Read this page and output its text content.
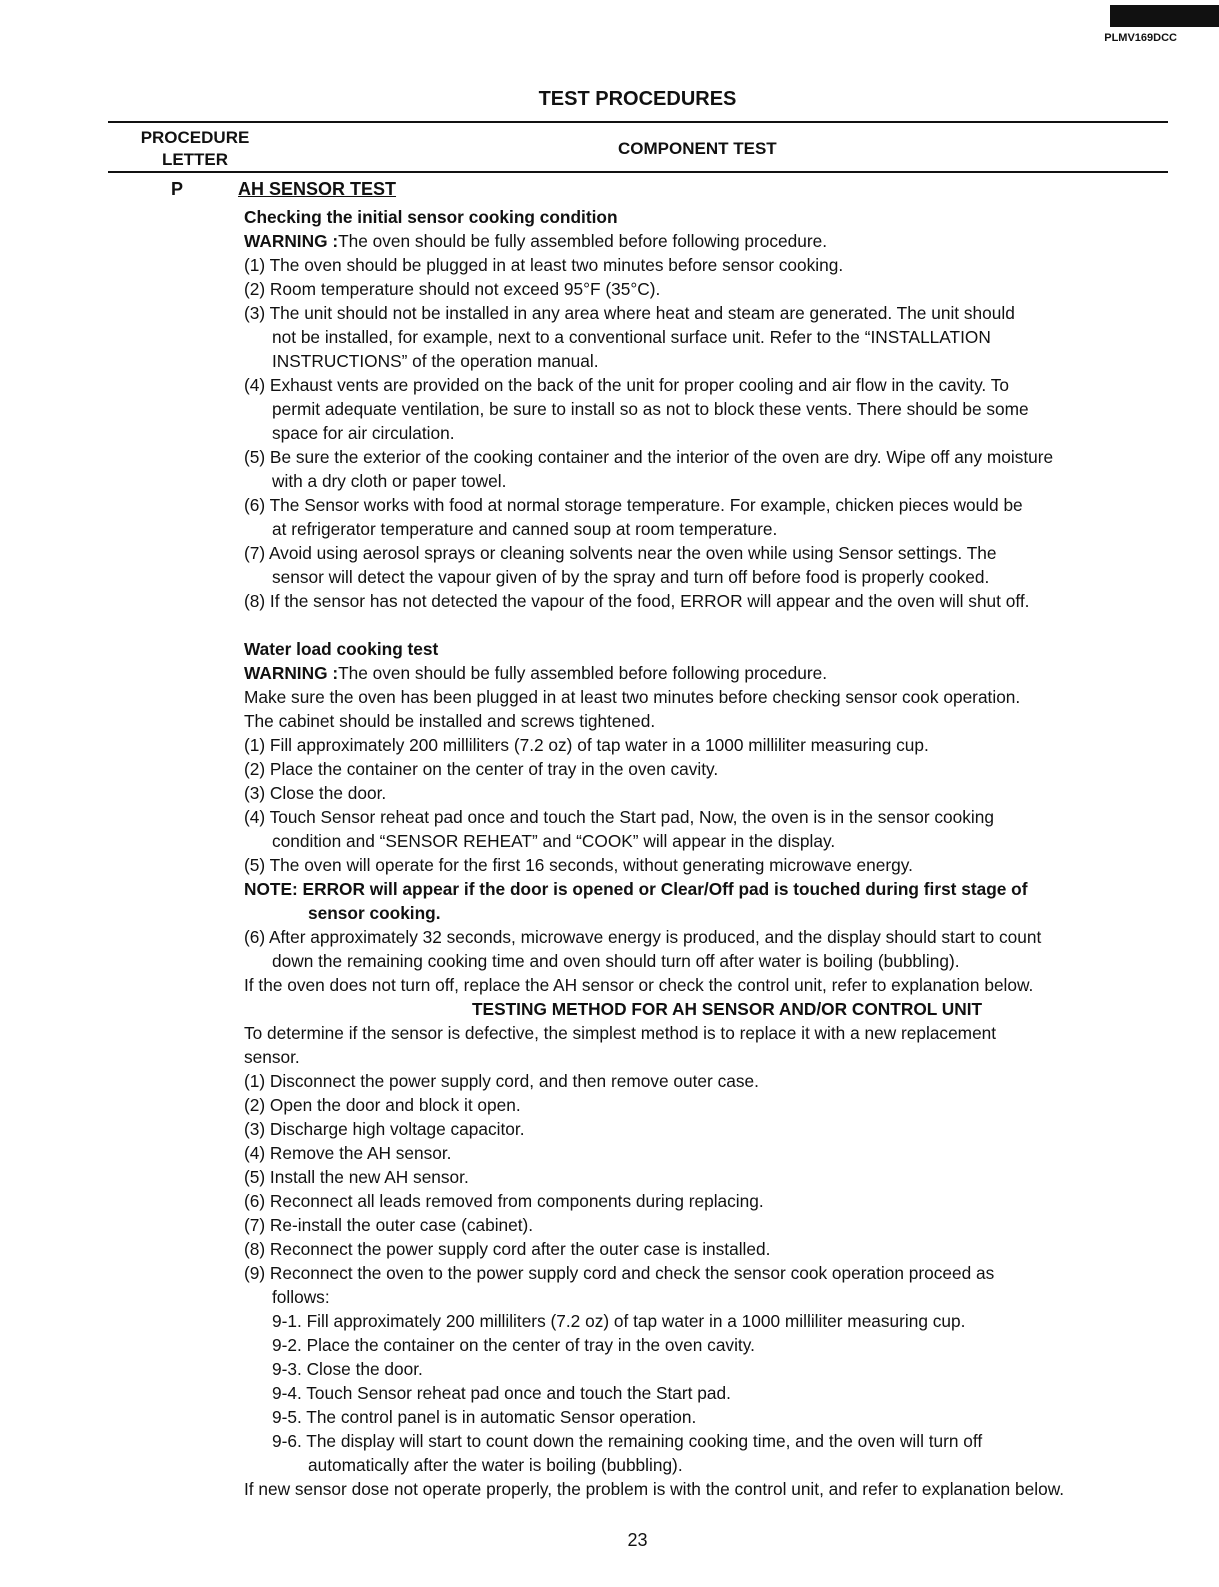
PLMV169DCC
TEST PROCEDURES
PROCEDURE
LETTER
COMPONENT TEST
P	AH SENSOR TEST
Checking the initial sensor cooking condition
WARNING :The oven should be fully assembled before following procedure.
(1) The oven should be plugged in at least two minutes before sensor cooking.
(2) Room temperature should not exceed 95°F (35°C).
(3) The unit should not be installed in any area where heat and steam are generated. The unit should
not be installed, for example, next to a conventional surface unit. Refer to the “INSTALLATION
INSTRUCTIONS” of the operation manual.
(4) Exhaust vents are provided on the back of the unit for proper cooling and air flow in the cavity. To
permit adequate ventilation, be sure to install so as not to block these vents. There should be some
space for air circulation.
(5) Be sure the exterior of the cooking container and the interior of the oven are dry. Wipe off any moisture
with a dry cloth or paper towel.
(6) The Sensor works with food at normal storage temperature. For example, chicken pieces would be
at refrigerator temperature and canned soup at room temperature.
(7) Avoid using aerosol sprays or cleaning solvents near the oven while using Sensor settings. The
sensor will detect the vapour given of by the spray and turn off before food is properly cooked.
(8) If the sensor has not detected the vapour of the food, ERROR will appear and the oven will shut off.
Water load cooking test
WARNING :The oven should be fully assembled before following procedure.
Make sure the oven has been plugged in at least two minutes before checking sensor cook operation.
The cabinet should be installed and screws tightened.
(1) Fill approximately 200 milliliters (7.2 oz) of tap water in a 1000 milliliter measuring cup.
(2) Place the container on the center of tray in the oven cavity.
(3) Close the door.
(4) Touch Sensor reheat pad once and touch the Start pad, Now, the oven is in the sensor cooking
condition and “SENSOR REHEAT” and “COOK” will appear in the display.
(5) The oven will operate for the first 16 seconds, without generating microwave energy.
NOTE: ERROR will appear if the door is opened or Clear/Off pad is touched during first stage of
sensor cooking.
(6) After approximately 32 seconds, microwave energy is produced, and the display should start to count
down the remaining cooking time and oven should turn off after water is boiling (bubbling).
If the oven does not turn off, replace the AH sensor or check the control unit, refer to explanation below.
TESTING METHOD FOR AH SENSOR AND/OR CONTROL UNIT
To determine if the sensor is defective, the simplest method is to replace it with a new replacement
sensor.
(1) Disconnect the power supply cord, and then remove outer case.
(2) Open the door and block it open.
(3) Discharge high voltage capacitor.
(4) Remove the AH sensor.
(5) Install the new AH sensor.
(6) Reconnect all leads removed from components during replacing.
(7) Re-install the outer case (cabinet).
(8) Reconnect the power supply cord after the outer case is installed.
(9) Reconnect the oven to the power supply cord and check the sensor cook operation proceed as
follows:
9-1. Fill approximately 200 milliliters (7.2 oz) of tap water in a 1000 milliliter measuring cup.
9-2. Place the container on the center of tray in the oven cavity.
9-3. Close the door.
9-4. Touch Sensor reheat pad once and touch the Start pad.
9-5. The control panel is in automatic Sensor operation.
9-6. The display will start to count down the remaining cooking time, and the oven will turn off
automatically after the water is boiling (bubbling).
If new sensor dose not operate properly, the problem is with the control unit, and refer to explanation below.
23
